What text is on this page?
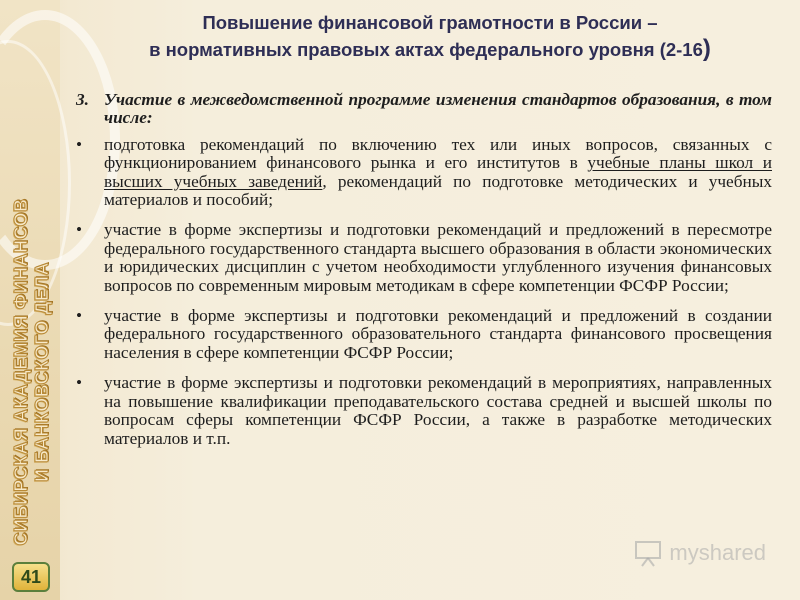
СИБИРСКАЯ АКАДЕМИЯ ФИНАНСОВ И БАНКОВСКОГО ДЕЛА
41
Повышение финансовой грамотности в России –
в нормативных правовых актах федерального уровня (2-16)
3. Участие в межведомственной программе изменения стандартов образования, в том числе:
•	подготовка рекомендаций по включению тех или иных вопросов, связанных с функционированием финансового рынка и его институтов в учебные планы школ и высших учебных заведений, рекомендаций по подготовке методических и учебных материалов и пособий;
•	участие в форме экспертизы и подготовки рекомендаций и предложений в пересмотре федерального государственного стандарта высшего образования в области экономических и юридических дисциплин с учетом необходимости углубленного изучения финансовых вопросов по современным мировым методикам в сфере компетенции ФСФР России;
•	участие в форме экспертизы и подготовки рекомендаций и предложений в создании федерального государственного образовательного стандарта финансового просвещения населения в сфере компетенции ФСФР России;
•	участие в форме экспертизы и подготовки рекомендаций в мероприятиях, направленных на повышение квалификации преподавательского состава средней и высшей школы по вопросам сферы компетенции ФСФР России, а также в разработке методических материалов и т.п.
myshared
